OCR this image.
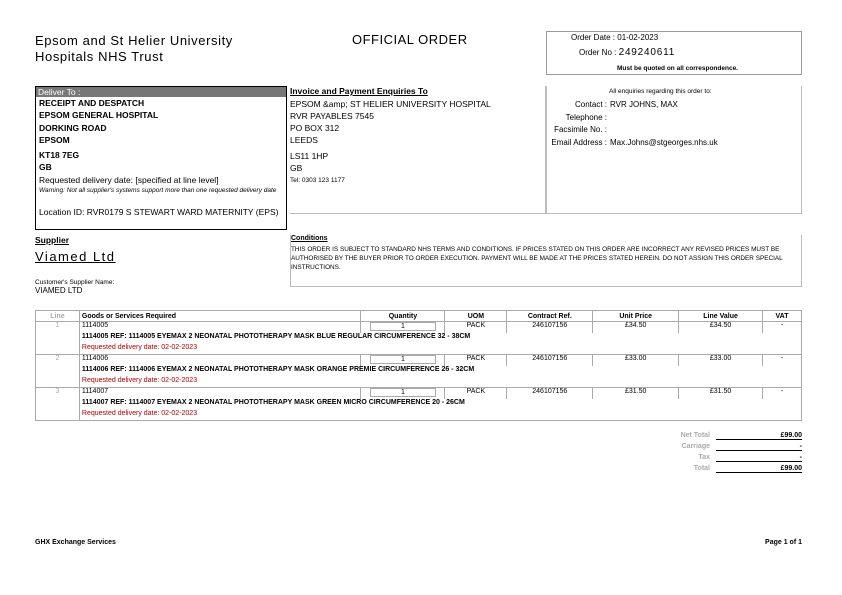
Epsom and St Helier University
Hospitals NHS Trust
OFFICIAL ORDER	Order Date : 01-02-2023
Order No : 249240611
Must be quoted on all correspondence.
Deliver To :
RECEIPT AND DESPATCH
EPSOM GENERAL HOSPITAL
DORKING ROAD
EPSOM
KT18 7EG
GB
Requested delivery date: [specified at line level]
Warning: Not all supplier's systems support more than one requested delivery date
Location ID: RVR0179 S STEWART WARD MATERNITY (EPS)
Invoice and Payment Enquiries To
EPSOM &amp; ST HELIER UNIVERSITY HOSPITAL
RVR PAYABLES 7545
PO BOX 312
LEEDS
LS11 1HP
GB
Tel: 0303 123 1177
All enquiries regarding this order to:
Contact : RVR JOHNS, MAX
Telephone :
Facsimile No. :
Email Address : Max.Johns@stgeorges.nhs.uk
Supplier
Viamed Ltd
Customer's Supplier Name:
VIAMED LTD
Conditions
THIS ORDER IS SUBJECT TO STANDARD NHS TERMS AND CONDITIONS. IF PRICES STATED ON THIS ORDER ARE INCORRECT ANY REVISED PRICES MUST BE AUTHORISED BY THE BUYER PRIOR TO ORDER EXECUTION. PAYMENT WILL BE MADE AT THE PRICES STATED HEREIN. DO NOT ASSIGN THIS ORDER SPECIAL INSTRUCTIONS.
Line	Goods or Services Required	Quantity	UOM	Contract Ref.	Unit Price	Line Value	VAT
1	1114005	1	PACK	246107156	£34.50	£34.50	-
	1114005 REF: 1114005 EYEMAX 2 NEONATAL PHOTOTHERAPY MASK BLUE REGULAR CIRCUMFERENCE 32 - 38CM						
	Requested delivery date: 02-02-2023						
2	1114006	1	PACK	246107156	£33.00	£33.00	-
	1114006 REF: 1114006 EYEMAX 2 NEONATAL PHOTOTHERAPY MASK ORANGE PREMIE CIRCUMFERENCE 26 - 32CM						
	Requested delivery date: 02-02-2023						
3	1114007	1	PACK	246107156	£31.50	£31.50	-
	1114007 REF: 1114007 EYEMAX 2 NEONATAL PHOTOTHERAPY MASK GREEN MICRO CIRCUMFERENCE 20 - 26CM						
	Requested delivery date: 02-02-2023						
Net Total	£99.00
Carriage	-
Tax	-
Total	£99.00
GHX Exchange Services	Page 1 of 1
